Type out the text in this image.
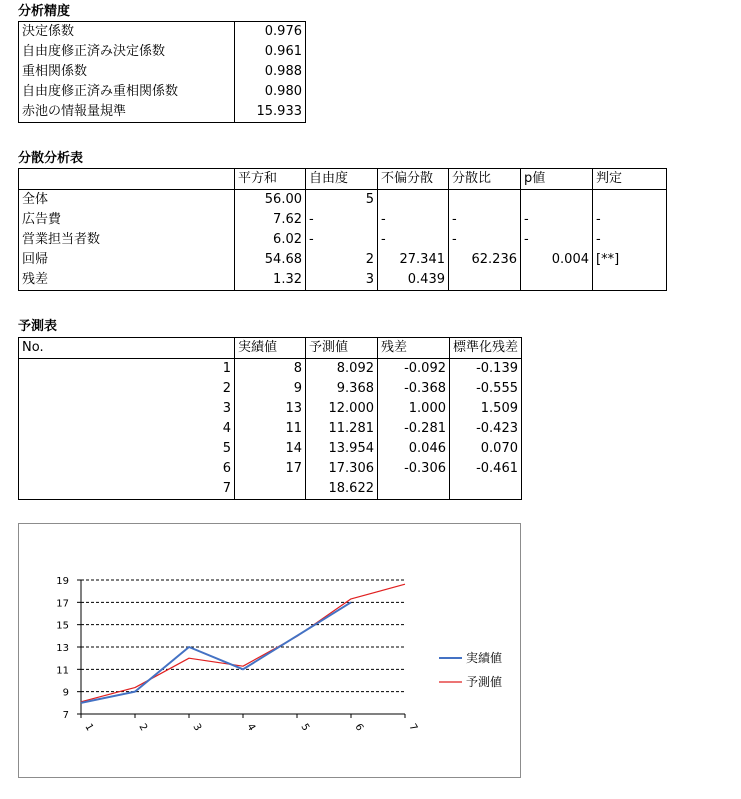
分析精度
決定係数	0.976
自由度修正済み決定係数	0.961
重相関係数	0.988
自由度修正済み重相関係数	0.980
赤池の情報量規準	15.933
分散分析表
	平方和	自由度	不偏分散	分散比	p値	判定
全体	56.00	5				
広告費	7.62	-	-	-	-	-
営業担当者数	6.02	-	-	-	-	-
回帰	54.68	2	27.341	62.236	0.004	[**]
残差	1.32	3	0.439			
予測表
No.	実績値	予測値	残差	標準化残差
1	8	8.092	-0.092	-0.139
2	9	9.368	-0.368	-0.555
3	13	12.000	1.000	1.509
4	11	11.281	-0.281	-0.423
5	14	13.954	0.046	0.070
6	17	17.306	-0.306	-0.461
7		18.622		
7
9
11
13
15
17
19
1	2	3	4	5	6	7
実績値
予測値
